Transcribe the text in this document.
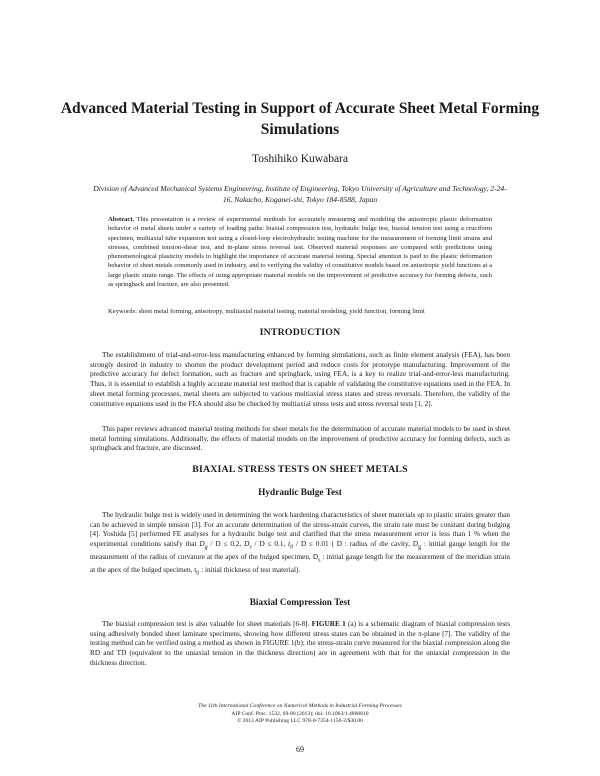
Advanced Material Testing in Support of Accurate Sheet Metal Forming Simulations
Toshihiko Kuwabara
Division of Advanced Mechanical Systems Engineering, Institute of Engineering, Tokyo University of Agriculture and Technology, 2-24-16, Nakacho, Koganei-shi, Tokyo 184-8588, Japan
Abstract. This presentation is a review of experimental methods for accurately measuring and modeling the anisotropic plastic deformation behavior of metal sheets under a variety of loading paths: biaxial compression test, hydraulic bulge test, biaxial tension test using a cruciform specimen, multiaxial tube expansion test using a closed-loop electrohydraulic testing machine for the measurement of forming limit strains and stresses, combined tension-shear test, and in-plane stress reversal test. Observed material responses are compared with predictions using phenomenological plasticity models to highlight the importance of accurate material testing. Special attention is paid to the plastic deformation behavior of sheet metals commonly used in industry, and to verifying the validity of constitutive models based on anisotropic yield functions at a large plastic strain range. The effects of using appropriate material models on the improvement of predictive accuracy for forming defects, such as springback and fracture, are also presented.
Keywords: sheet metal forming, anisotropy, multiaxial material testing, material modeling, yield function, forming limit
INTRODUCTION
The establishment of trial-and-error-less manufacturing enhanced by forming simulations, such as finite element analysis (FEA), has been strongly desired in industry to shorten the product development period and reduce costs for prototype manufacturing. Improvement of the predictive accuracy for defect formation, such as fracture and springback, using FEA, is a key to realize trial-and-error-less manufacturing. Thus, it is essential to establish a highly accurate material test method that is capable of validating the constitutive equations used in the FEA. In sheet metal forming processes, metal sheets are subjected to various multiaxial stress states and stress reversals. Therefore, the validity of the constitutive equations used in the FEA should also be checked by multiaxial stress tests and stress reversal tests [1, 2].
This paper reviews advanced material testing methods for sheet metals for the determination of accurate material models to be used in sheet metal forming simulations. Additionally, the effects of material models on the improvement of predictive accuracy for forming defects, such as springback and fracture, are discussed.
BIAXIAL STRESS TESTS ON SHEET METALS
Hydraulic Bulge Test
The hydraulic bulge test is widely used in determining the work hardening characteristics of sheet materials up to plastic strains greater than can be achieved in simple tension [3]. For an accurate determination of the stress-strain curves, the strain rate must be constant during bulging [4]. Yoshida [5] performed FE analyses for a hydraulic bulge test and clarified that the stress measurement error is less than 1 % when the experimental conditions satisfy that $D_g / D \le 0.2$, $D_s / D \le 0.1$, $t_0 / D \le 0.01$ ( D : radius of die cavity, $D_g$ : initial gauge length for the measurement of the radius of curvature at the apex of the bulged specimen, $D_s$ : initial gauge length for the measurement of the meridian strain at the apex of the bulged specimen, $t_0$ : initial thickness of test material).
Biaxial Compression Test
The biaxial compression test is also valuable for sheet materials [6-8]. FIGURE 1 (a) is a schematic diagram of biaxial compression tests using adhesively bonded sheet laminate specimens, showing how different stress states can be obtained in the π-plane [7]. The validity of the testing method can be verified using a method as shown in FIGURE 1(b); the stress-strain curve measured for the biaxial compression along the RD and TD (equivalent to the uniaxial tension in the thickness direction) are in agreement with that for the uniaxial compression in the thickness direction.
The 11th International Conference on Numerical Methods in Industrial Forming Processes
AIP Conf. Proc. 1532, 69-80 (2013); doi: 10.1063/1.4806810
© 2013 AIP Publishing LLC 978-0-7354-1156-2/$30.00
69
